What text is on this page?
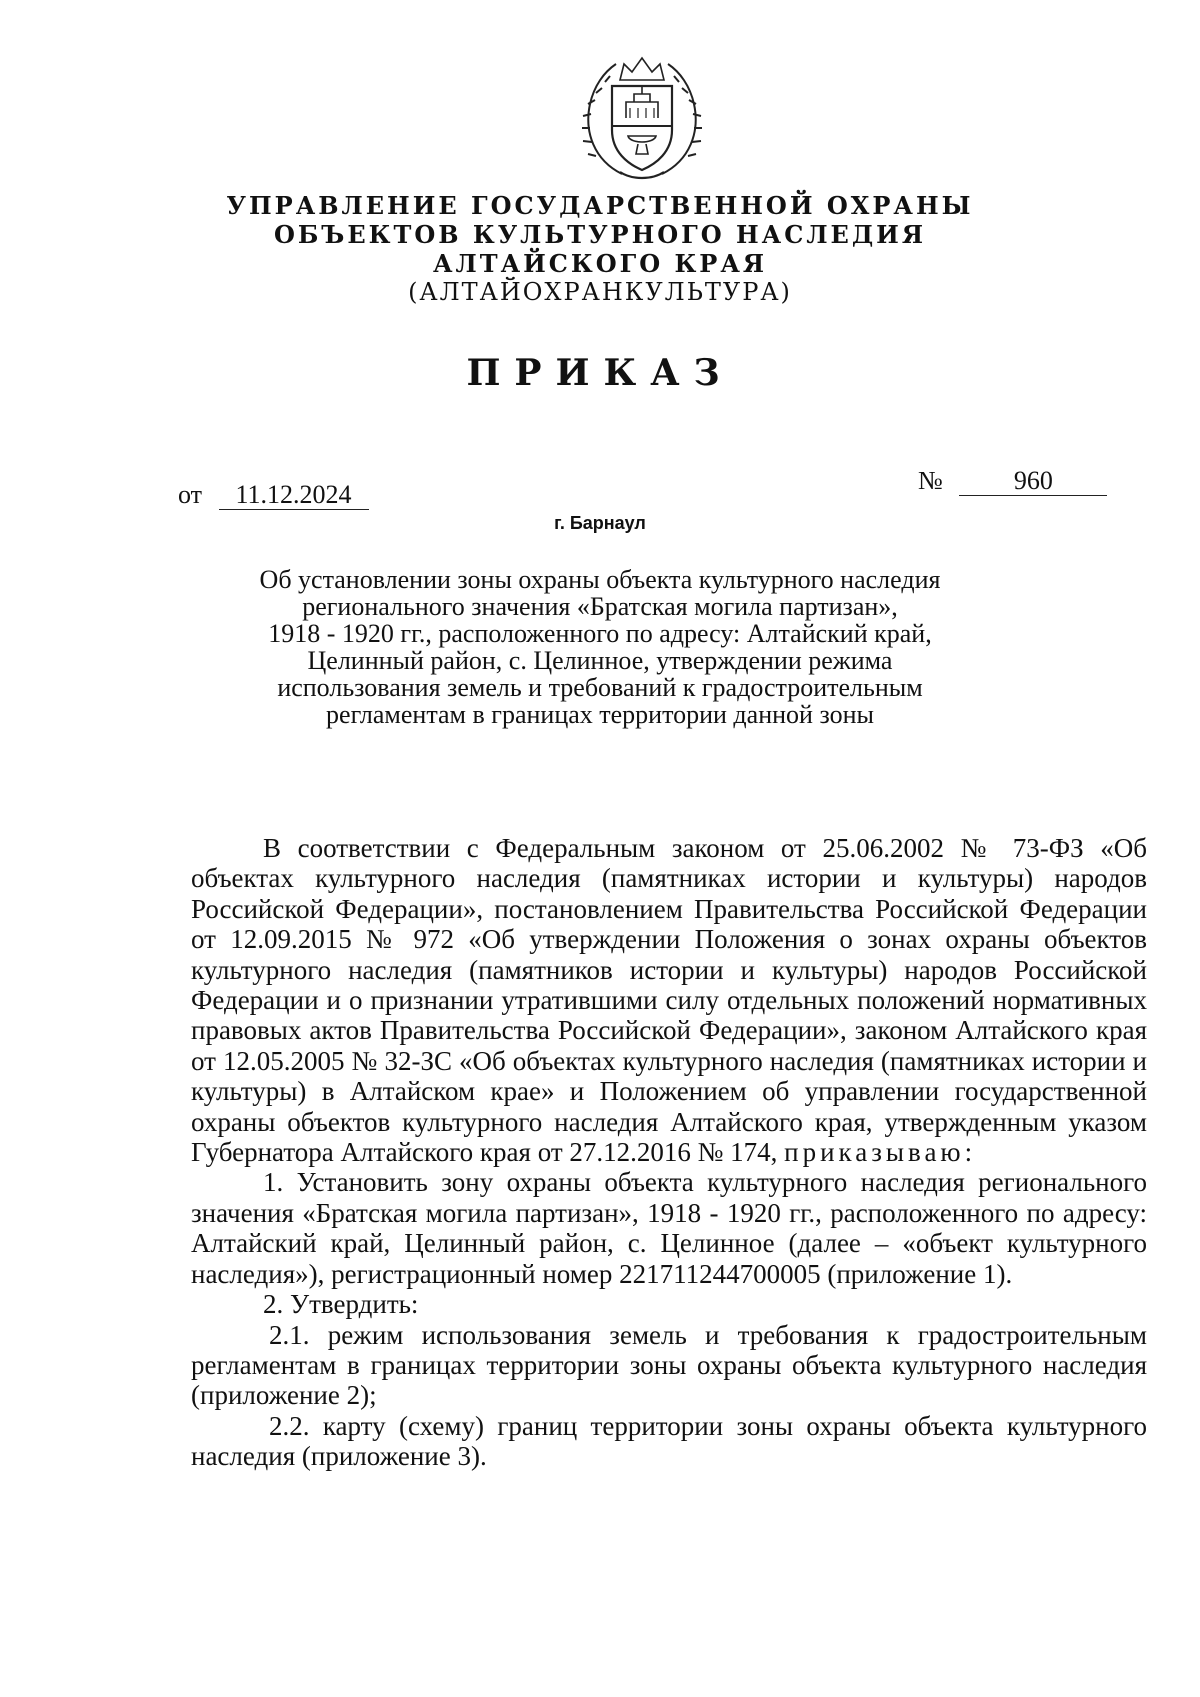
УПРАВЛЕНИЕ ГОСУДАРСТВЕННОЙ ОХРАНЫ
ОБЪЕКТОВ КУЛЬТУРНОГО НАСЛЕДИЯ
АЛТАЙСКОГО КРАЯ
(АЛТАЙОХРАНКУЛЬТУРА)
ПРИКАЗ
от 11.12.2024	№	960
г. Барнаул
Об установлении зоны охраны объекта культурного наследия
регионального значения «Братская могила партизан»,
1918 - 1920 гг., расположенного по адресу: Алтайский край,
Целинный район, с. Целинное, утверждении режима
использования земель и требований к градостроительным
регламентам в границах территории данной зоны

В соответствии с Федеральным законом от 25.06.2002 № 73-ФЗ «Об объектах культурного наследия (памятниках истории и культуры) народов Российской Федерации», постановлением Правительства Российской Федерации от 12.09.2015 № 972 «Об утверждении Положения о зонах охраны объектов культурного наследия (памятников истории и культуры) народов Российской Федерации и о признании утратившими силу отдельных положений нормативных правовых актов Правительства Российской Федерации», законом Алтайского края от 12.05.2005 № 32-ЗС «Об объектах культурного наследия (памятниках истории и культуры) в Алтайском крае» и Положением об управлении государственной охраны объектов культурного наследия Алтайского края, утвержденным указом Губернатора Алтайского края от 27.12.2016 № 174, приказываю:

1. Установить зону охраны объекта культурного наследия регионального значения «Братская могила партизан», 1918 - 1920 гг., расположенного по адресу: Алтайский край, Целинный район, с. Целинное (далее – «объект культурного наследия»), регистрационный номер 221711244700005 (приложение 1).

2. Утвердить:

2.1. режим использования земель и требования к градостроительным регламентам в границах территории зоны охраны объекта культурного наследия (приложение 2);

2.2. карту (схему) границ территории зоны охраны объекта культурного наследия (приложение 3).
